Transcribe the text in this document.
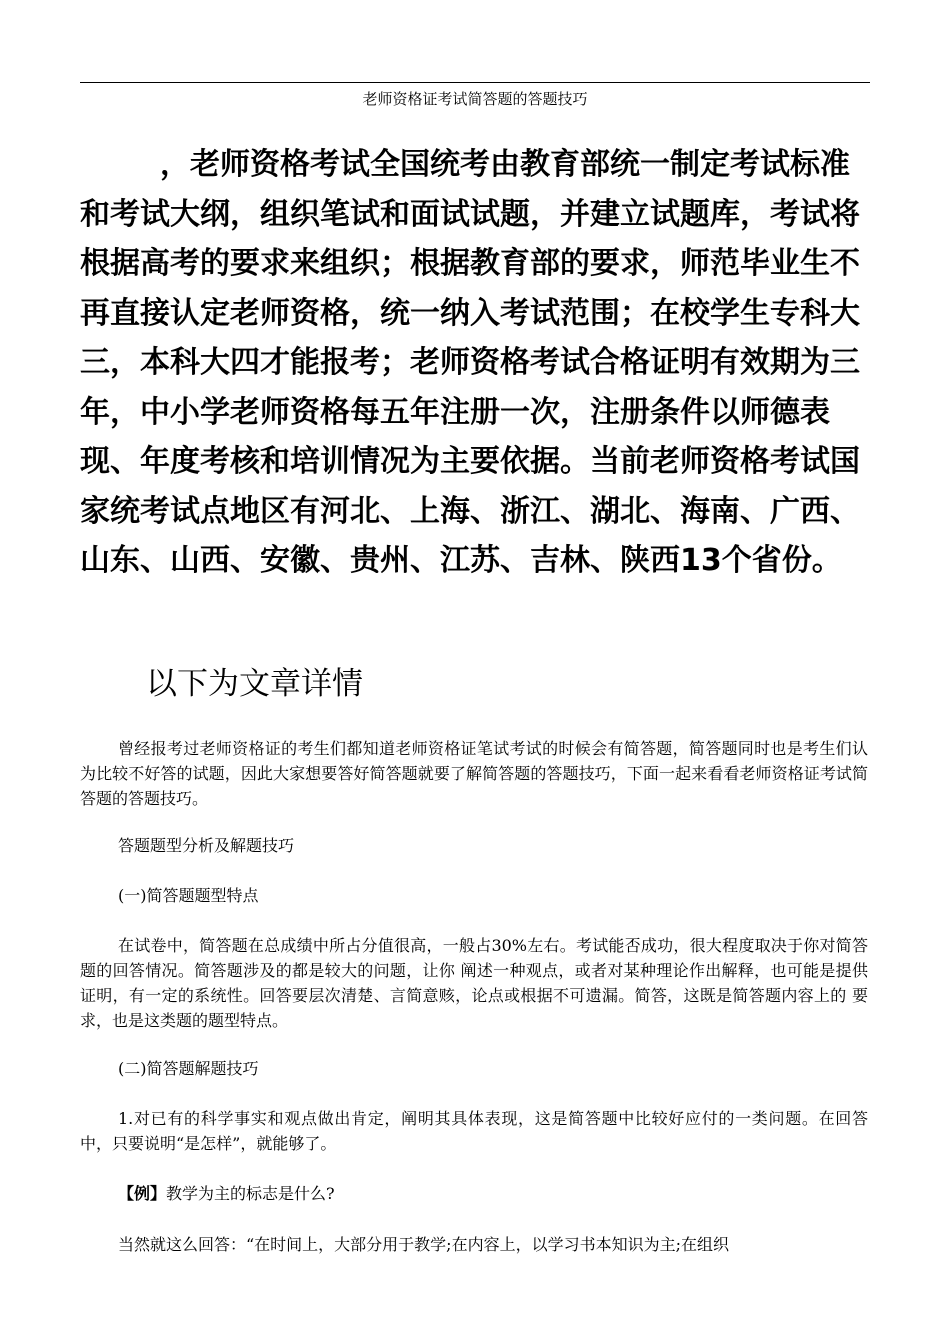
老师资格证考试简答题的答题技巧

，老师资格考试全国统考由教育部统一制定考试标准和考试大纲，组织笔试和面试试题，并建立试题库，考试将根据高考的要求来组织；根据教育部的要求，师范毕业生不再直接认定老师资格，统一纳入考试范围；在校学生专科大三，本科大四才能报考；老师资格考试合格证明有效期为三年，中小学老师资格每五年注册一次，注册条件以师德表现、年度考核和培训情况为主要依据。当前老师资格考试国家统考试点地区有河北、上海、浙江、湖北、海南、广西、山东、山西、安徽、贵州、江苏、吉林、陕西13个省份。

以下为文章详情

曾经报考过老师资格证的考生们都知道老师资格证笔试考试的时候会有简答题，简答题同时也是考生们认为比较不好答的试题，因此大家想要答好简答题就要了解简答题的答题技巧，下面一起来看看老师资格证考试简答题的答题技巧。

答题题型分析及解题技巧

(一)简答题题型特点

在试卷中，简答题在总成绩中所占分值很高，一般占30%左右。考试能否成功，很大程度取决于你对简答题的回答情况。简答题涉及的都是较大的问题，让你 阐述一种观点，或者对某种理论作出解释，也可能是提供证明，有一定的系统性。回答要层次清楚、言简意赅，论点或根据不可遗漏。简答，这既是简答题内容上的 要求，也是这类题的题型特点。

(二)简答题解题技巧

1.对已有的科学事实和观点做出肯定，阐明其具体表现，这是简答题中比较好应付的一类问题。在回答中，只要说明“是怎样”，就能够了。

【例】教学为主的标志是什么?

当然就这么回答：“在时间上，大部分用于教学;在内容上，以学习书本知识为主;在组织
